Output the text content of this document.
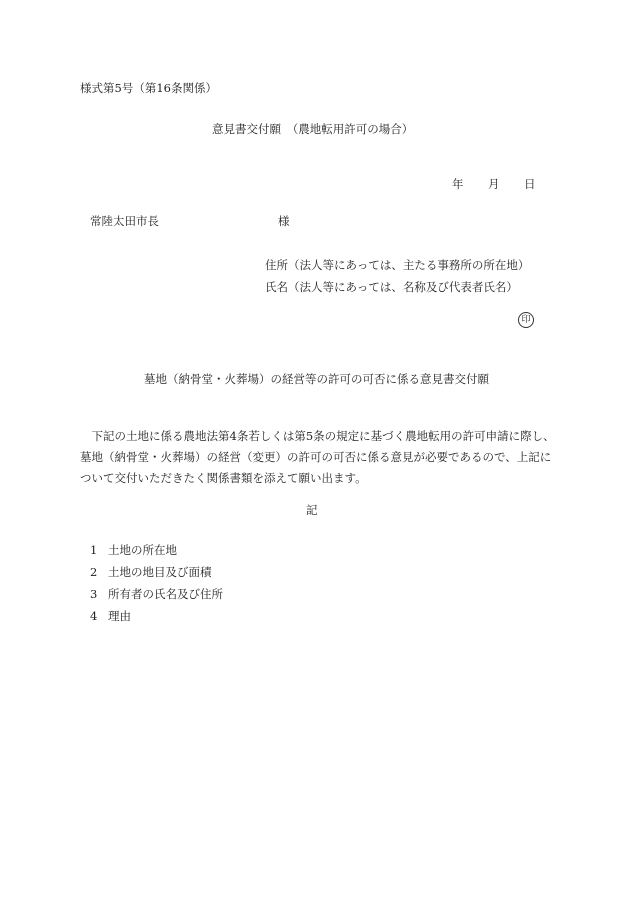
様式第5号（第16条関係）
意見書交付願　（農地転用許可の場合）
年 月 日
常陸太田市長	様
住所（法人等にあっては、主たる事務所の所在地）
氏名（法人等にあっては、名称及び代表者氏名）
印
墓地（納骨堂・火葬場）の経営等の許可の可否に係る意見書交付願

下記の土地に係る農地法第4条若しくは第5条の規定に基づく農地転用の許可申請に際し、墓地（納骨堂・火葬場）の経営（変更）の許可の可否に係る意見が必要であるので、上記について交付いただきたく関係書類を添えて願い出ます。

記
1 土地の所在地
2 土地の地目及び面積
3 所有者の氏名及び住所
4 理由
